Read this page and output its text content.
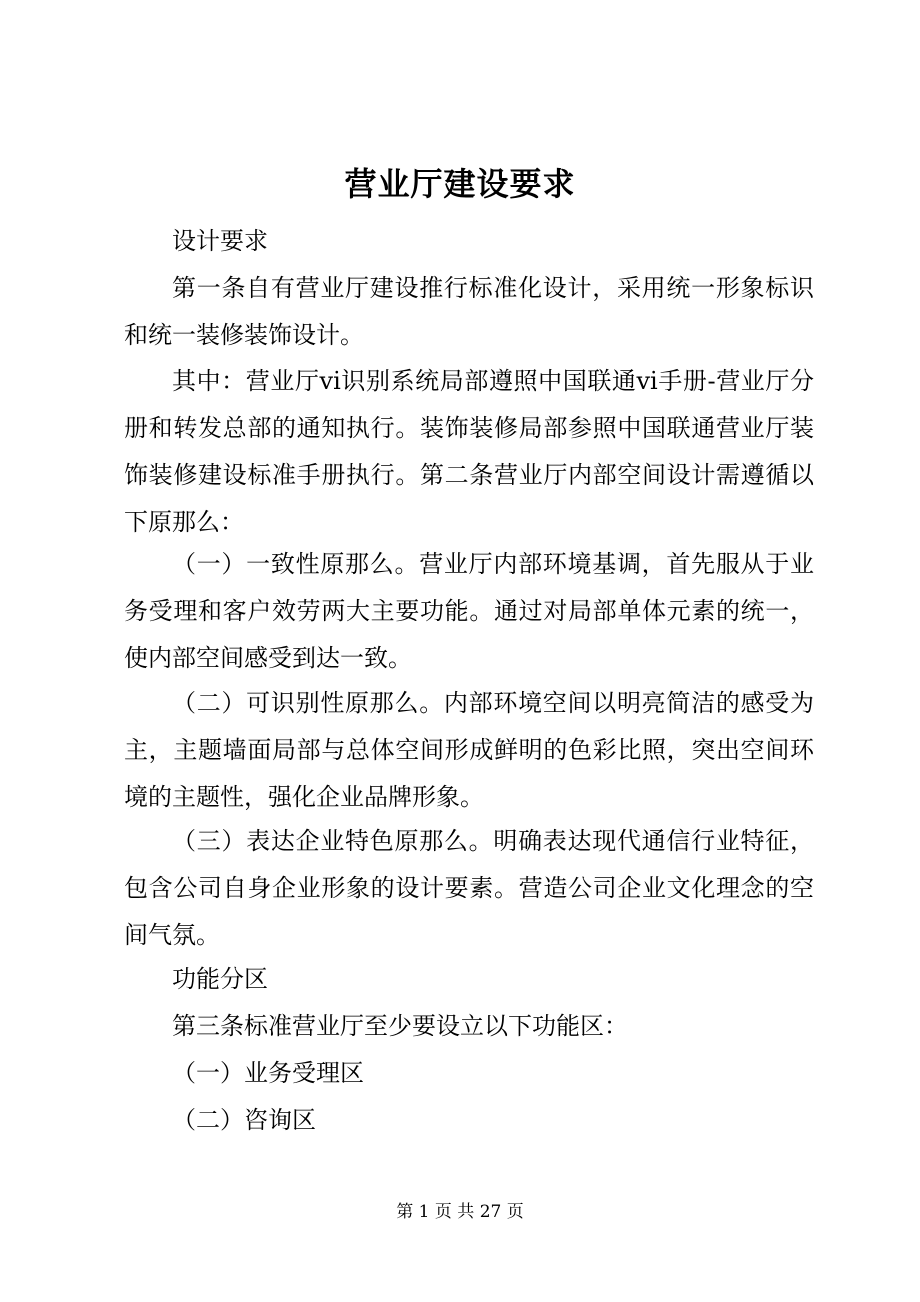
营业厅建设要求

设计要求

第一条自有营业厅建设推行标准化设计，采用统一形象标识和统一装修装饰设计。

其中：营业厅vi识别系统局部遵照中国联通vi手册-营业厅分册和转发总部的通知执行。装饰装修局部参照中国联通营业厅装饰装修建设标准手册执行。第二条营业厅内部空间设计需遵循以下原那么：

（一）一致性原那么。营业厅内部环境基调，首先服从于业务受理和客户效劳两大主要功能。通过对局部单体元素的统一，使内部空间感受到达一致。

（二）可识别性原那么。内部环境空间以明亮简洁的感受为主，主题墙面局部与总体空间形成鲜明的色彩比照，突出空间环境的主题性，强化企业品牌形象。

（三）表达企业特色原那么。明确表达现代通信行业特征，包含公司自身企业形象的设计要素。营造公司企业文化理念的空间气氛。

功能分区

第三条标准营业厅至少要设立以下功能区：

（一）业务受理区

（二）咨询区

第 1 页 共 27 页
